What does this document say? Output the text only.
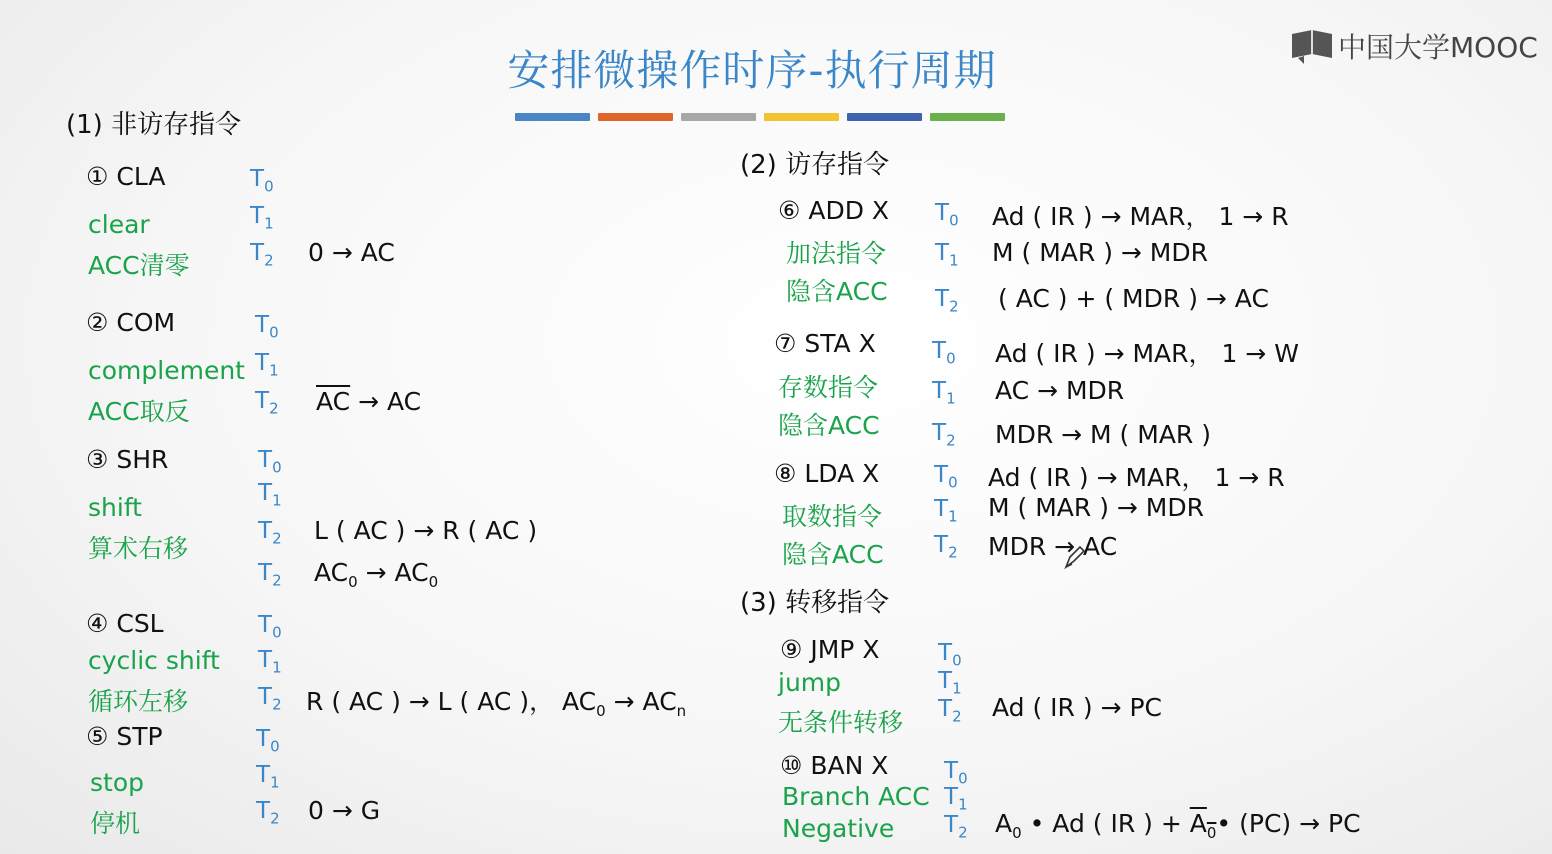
安排微操作时序-执行周期	中国大学MOOC
(1) 非访存指令
(2) 访存指令
(3) 转移指令
① CLA
clear
ACC清零
$T_0$
$T_1$
$T_2$ 0 → AC
② COM
complement
ACC取反
$T_0$
$T_1$
$T_2$ $\overline{AC}$ → AC
③ SHR
shift
算术右移
$T_0$
$T_1$
$T_2$
$T_2$
L ( AC ) → R ( AC )
$AC_0 \to AC_0$
④ CSL
cyclic shift
循环左移
$T_0$
$T_1$
$T_2$ R ( AC ) → L ( AC )， $AC_0 \to AC_n$
⑤ STP
stop
停机
$T_0$
$T_1$
$T_2$ 0 → G
⑥ ADD X
加法指令
隐含ACC
$T_0$
$T_1$
$T_2$
Ad ( IR ) → MAR， 1 → R
M ( MAR ) → MDR
( AC ) + ( MDR ) → AC
⑦ STA X
存数指令
隐含ACC
$T_0$
$T_1$
$T_2$
Ad ( IR ) → MAR， 1 → W
AC → MDR
MDR → M ( MAR )
⑧ LDA X
取数指令
隐含ACC
$T_0$
$T_1$
$T_2$
Ad ( IR ) → MAR， 1 → R
M ( MAR ) → MDR
MDR → AC
⑨ JMP X
jump
无条件转移
$T_0$
$T_1$
$T_2$ Ad ( IR ) → PC
⑩ BAN X
Branch ACC
Negative
$T_0$
$T_1$
$T_2$ $A_0$ • Ad ( IR ) + $A_0•$ (PC) → PC
